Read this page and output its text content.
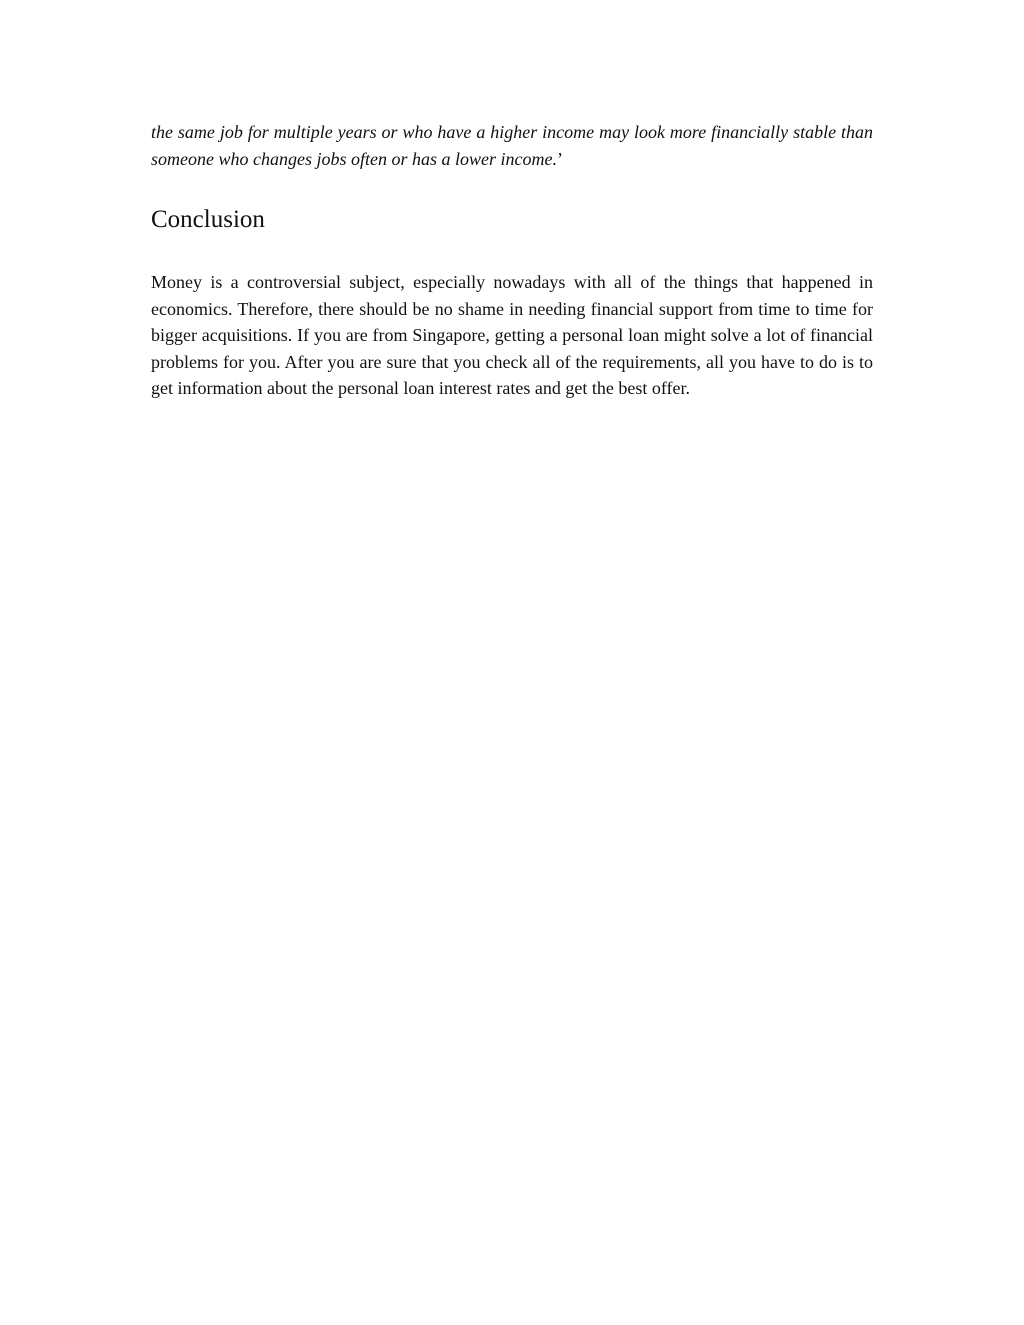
the same job for multiple years or who have a higher income may look more financially stable than someone who changes jobs often or has a lower income.’

Conclusion

Money is a controversial subject, especially nowadays with all of the things that happened in economics. Therefore, there should be no shame in needing financial support from time to time for bigger acquisitions. If you are from Singapore, getting a personal loan might solve a lot of financial problems for you. After you are sure that you check all of the requirements, all you have to do is to get information about the personal loan interest rates and get the best offer.
